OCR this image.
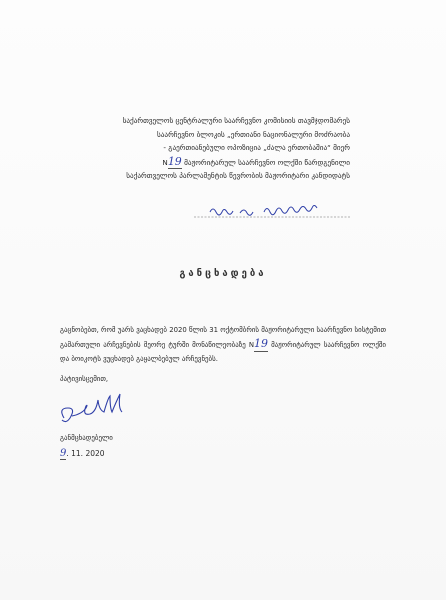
საქართველოს ცენტრალური საარჩევნო კომისიის თავმჯდომარეს
საარჩევნო ბლოკის „ერთიანი ნაციონალური მოძრაობა
- გაერთიანებული ოპოზიცია „ძალა ერთობაშია“ მიერ
N19 მაჟორიტარულ საარჩევნო ოლქში წარდგენილი
საქართველოს პარლამენტის წევრობის მაჟორიტარი კანდიდატს
განცხადება
გაცნობებთ, რომ უარს ვაცხადებ 2020 წლის 31 ოქტომბრის მაჟორიტარული საარჩევნო სისტემით გამართული არჩევნების მეორე ტურში მონაწილეობაზე N19 მაჟორიტარულ საარჩევნო ოლქში და ბოიკოტს ვუცხადებ გაყალბებულ არჩევნებს.
პატივისცემით,
განმცხადებელი
9. 11. 2020
